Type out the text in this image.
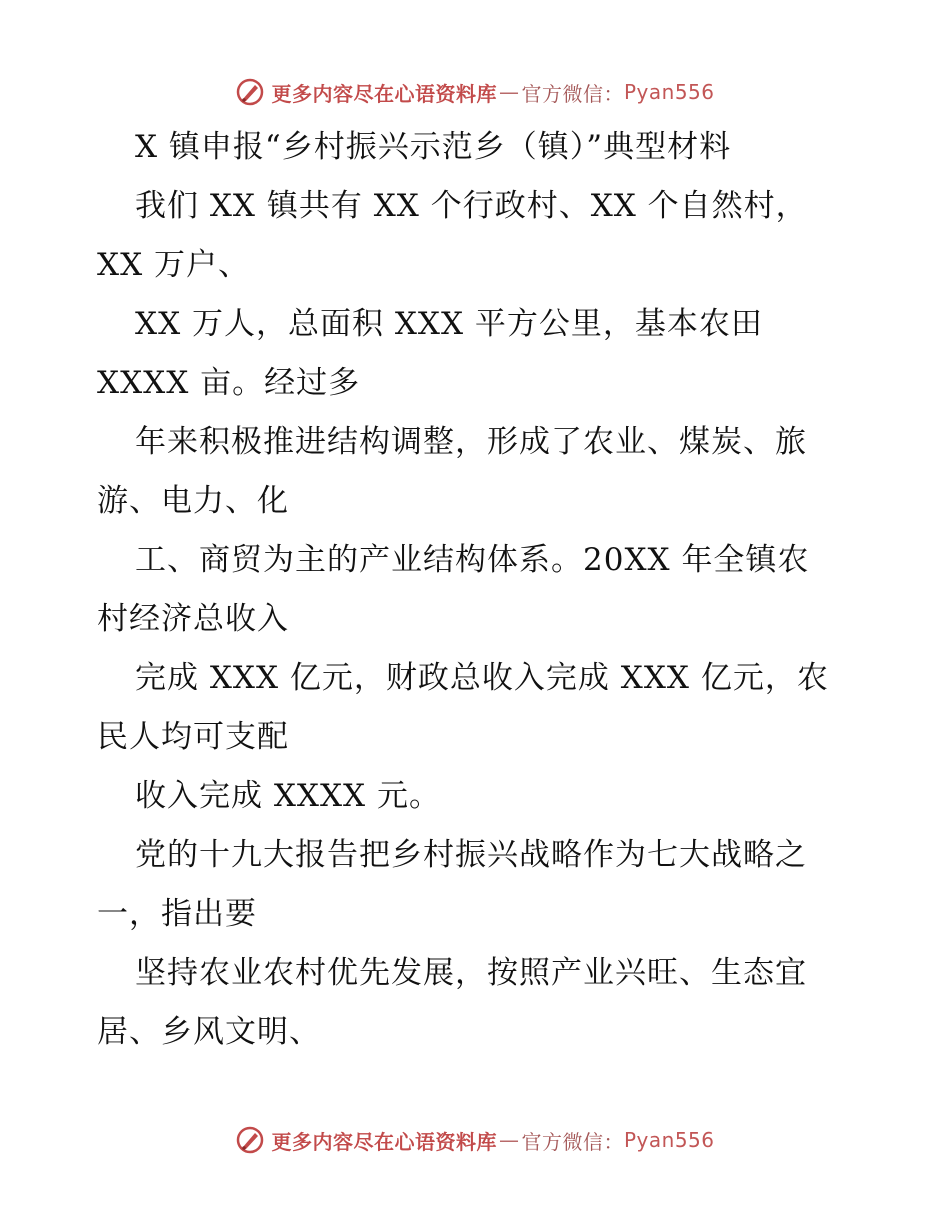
更多内容尽在心语资料库 — 官方微信： Pyan556
X 镇申报“乡村振兴示范乡（镇）”典型材料
我们 XX 镇共有 XX 个行政村、XX 个自然村，
XX 万户、
XX 万人，总面积 XXX 平方公里，基本农田
XXXX 亩。经过多
年来积极推进结构调整，形成了农业、煤炭、旅
游、电力、化
工、商贸为主的产业结构体系。20XX 年全镇农
村经济总收入
完成 XXX 亿元，财政总收入完成 XXX 亿元，农
民人均可支配
收入完成 XXXX 元。
党的十九大报告把乡村振兴战略作为七大战略之
一，指出要
坚持农业农村优先发展，按照产业兴旺、生态宜
居、乡风文明、
更多内容尽在心语资料库 — 官方微信： Pyan556
